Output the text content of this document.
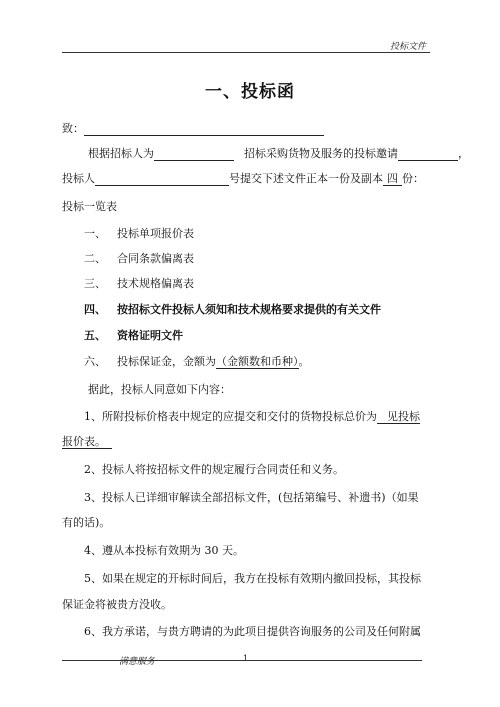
投标文件
一、投标函
致：
根据招标人为	招标采购货物及服务的投标邀请	，
投标人	号提交下述文件正本一份及副本 四 份：
投标一览表
一、 投标单项报价表
二、 合同条款偏离表
三、 技术规格偏离表
四、 按招标文件投标人须知和技术规格要求提供的有关文件
五、 资格证明文件
六、 投标保证金，金额为（金额数和币种）。
据此，投标人同意如下内容：
1、所附投标价格表中规定的应提交和交付的货物投标总价为 见投标
报价表。
2、投标人将按招标文件的规定履行合同责任和义务。
3、投标人已详细审解读全部招标文件，(包括第编号、补遗书)（如果
有的话)。
4、遵从本投标有效期为 30 天。
5、如果在规定的开标时间后，我方在投标有效期内撤回投标，其投标
保证金将被贵方没收。
6、我方承诺，与贵方聘请的为此项目提供咨询服务的公司及任何附属
满意服务	1
